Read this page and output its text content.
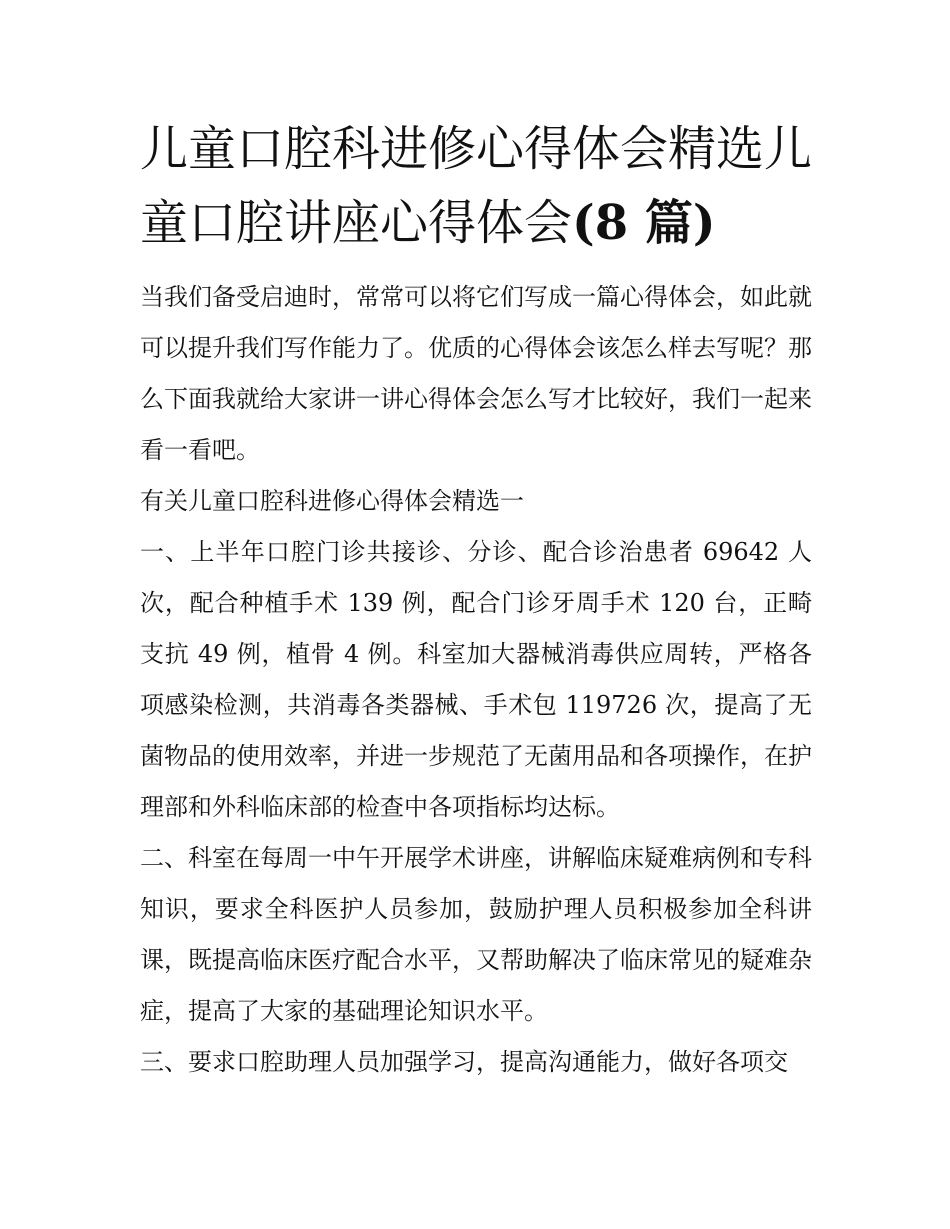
儿童口腔科进修心得体会精选儿童口腔讲座心得体会(8 篇)

当我们备受启迪时，常常可以将它们写成一篇心得体会，如此就可以提升我们写作能力了。优质的心得体会该怎么样去写呢？那么下面我就给大家讲一讲心得体会怎么写才比较好，我们一起来看一看吧。

有关儿童口腔科进修心得体会精选一

一、上半年口腔门诊共接诊、分诊、配合诊治患者 69642 人次，配合种植手术 139 例，配合门诊牙周手术 120 台，正畸支抗 49 例，植骨 4 例。科室加大器械消毒供应周转，严格各项感染检测，共消毒各类器械、手术包 119726 次，提高了无菌物品的使用效率，并进一步规范了无菌用品和各项操作，在护理部和外科临床部的检查中各项指标均达标。

二、科室在每周一中午开展学术讲座，讲解临床疑难病例和专科知识，要求全科医护人员参加，鼓励护理人员积极参加全科讲课，既提高临床医疗配合水平，又帮助解决了临床常见的疑难杂症，提高了大家的基础理论知识水平。

三、要求口腔助理人员加强学习，提高沟通能力，做好各项交
